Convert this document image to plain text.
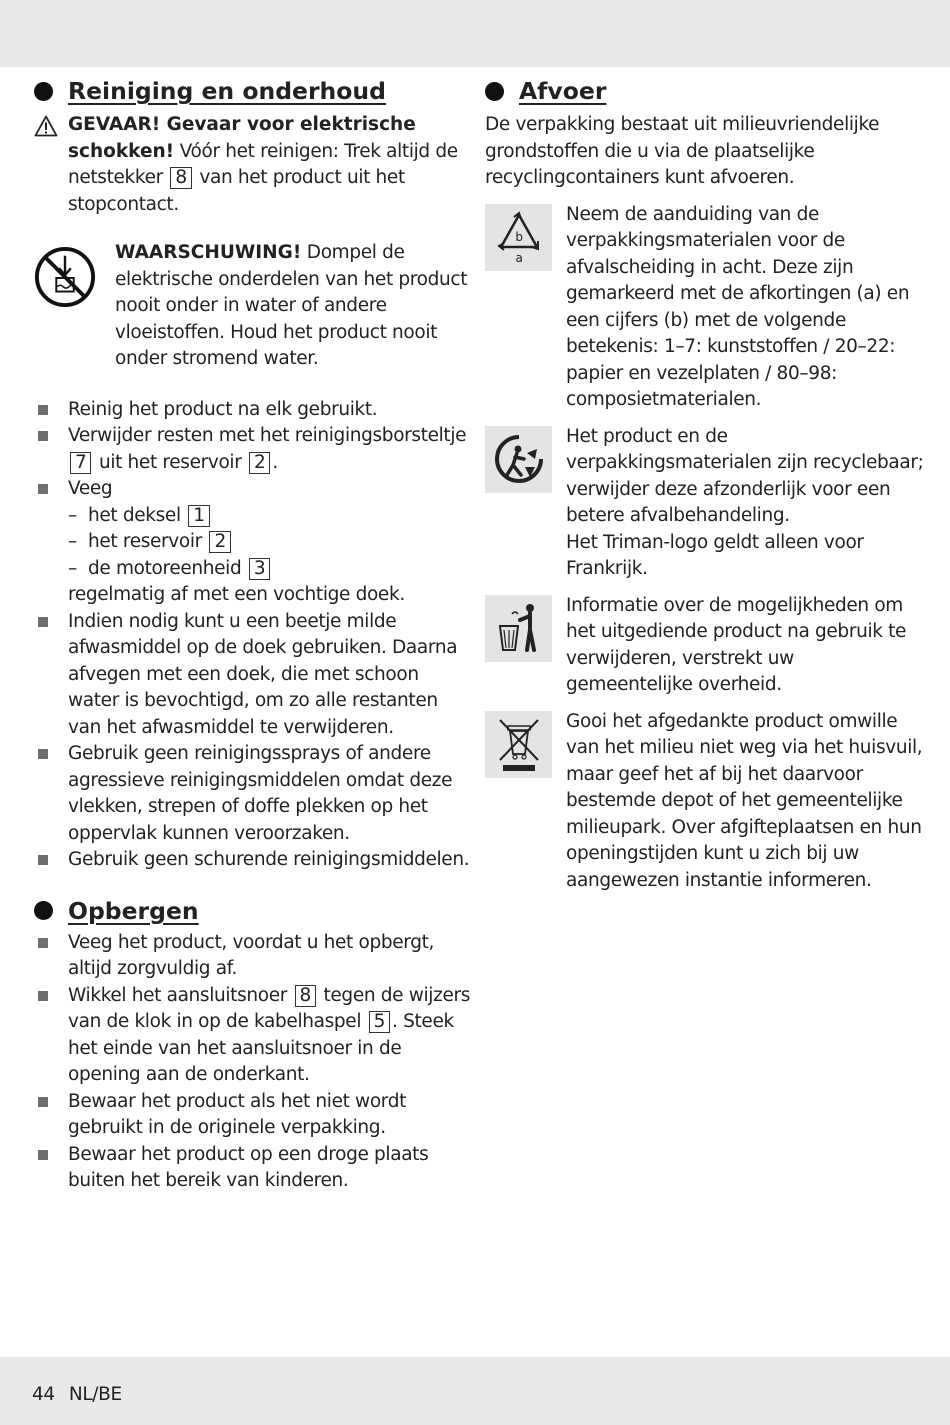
Reiniging en onderhoud

GEVAAR! Gevaar voor elektrische schokken! Vóór het reinigen: Trek altijd de netstekker 8 van het product uit het stopcontact.

WAARSCHUWING! Dompel de elektrische onderdelen van het product nooit onder in water of andere vloeistoffen. Houd het product nooit onder stromend water.

Reinig het product na elk gebruikt.
Verwijder resten met het reinigingsborsteltje 7 uit het reservoir 2 .
Veeg
– het deksel 1
– het reservoir 2
– de motoreenheid 3
regelmatig af met een vochtige doek.
Indien nodig kunt u een beetje milde afwasmiddel op de doek gebruiken. Daarna afvegen met een doek, die met schoon water is bevochtigd, om zo alle restanten van het afwasmiddel te verwijderen.
Gebruik geen reinigingssprays of andere agressieve reinigingsmiddelen omdat deze vlekken, strepen of doffe plekken op het oppervlak kunnen veroorzaken.
Gebruik geen schurende reinigingsmiddelen.
Opbergen
Veeg het product, voordat u het opbergt, altijd zorgvuldig af.
Wikkel het aansluitsnoer 8 tegen de wijzers van de klok in op de kabelhaspel 5 . Steek het einde van het aansluitsnoer in de opening aan de onderkant.
Bewaar het product als het niet wordt gebruikt in de originele verpakking.
Bewaar het product op een droge plaats buiten het bereik van kinderen.
Afvoer

De verpakking bestaat uit milieuvriendelijke grondstoffen die u via de plaatselijke recyclingcontainers kunt afvoeren.

b
a

Neem de aanduiding van de verpakkingsmaterialen voor de afvalscheiding in acht. Deze zijn gemarkeerd met de afkortingen (a) en een cijfers (b) met de volgende betekenis: 1–7: kunststoffen / 20–22: papier en vezelplaten / 80–98: composietmaterialen.

Het product en de verpakkingsmaterialen zijn recyclebaar; verwijder deze afzonderlijk voor een betere afvalbehandeling.

Het Triman-logo geldt alleen voor Frankrijk.

Informatie over de mogelijkheden om het uitgediende product na gebruik te verwijderen, verstrekt uw gemeentelijke overheid.

Gooi het afgedankte product omwille van het milieu niet weg via het huisvuil, maar geef het af bij het daarvoor bestemde depot of het gemeentelijke milieupark. Over afgifteplaatsen en hun openingstijden kunt u zich bij uw aangewezen instantie informeren.

44 NL/BE
